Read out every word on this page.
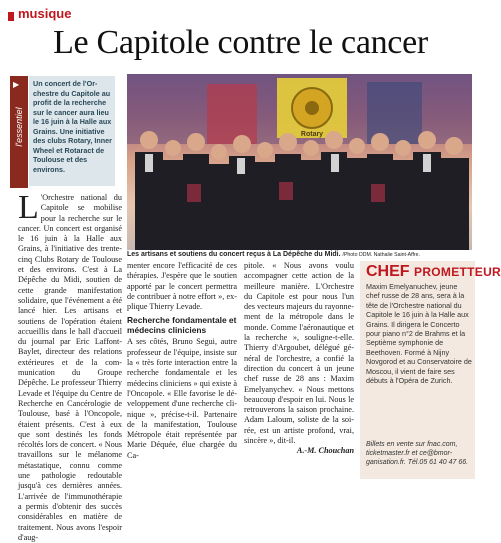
musique
Le Capitole contre le cancer
l'essentiel
▶	Un concert de l'Orchestre du Capitole au profit de la recherche sur le cancer aura lieu le 16 juin à la Halle aux Grains. Une initiative des clubs Rotary, Inner Wheel et Rotaract de Toulouse et des environs.
Rotary
Les artisans et soutiens du concert reçus à La Dépêche du Midi. /Photo DDM. Nathalie Saint-Affre.

L 'Orchestre national du Capitole se mobilise pour la recherche sur le cancer. Un concert est organisé le 16 juin à la Halle aux Grains, à l'initiative des trente-cinq Clubs Rotary de Toulouse et des environs. C'est à La Dépêche du Midi, soutien de cette grande manifestation solidaire, que l'événement a été lancé hier. Les artisans et soutiens de l'opération étaient accueillis dans le hall d'accueil du journal par Eric Laffont-Baylet, directeur des relations extérieures et de la communication du Groupe Dépêche. Le professeur Thierry Levade et l'équipe du Centre de Recherche en Cancérologie de Toulouse, basé à l'Oncopole, étaient présents. C'est à eux que sont destinés les fonds récoltés lors de concert. « Nous travaillons sur le mélanome métastatique, connu comme une pathologie redoutable jusqu'à ces dernières années. L'arrivée de l'immunothérapie a permis d'obtenir des succès considérables en matière de traitement. Nous avons l'espoir d'aug-

menter encore l'efficacité de ces thérapies. J'espère que le soutien apporté par le concert permettra de contribuer à notre effort », explique Thierry Levade.

Recherche fondamentale et médecins cliniciens

A ses côtés, Bruno Segui, autre professeur de l'équipe, insiste sur la « très forte interaction entre la recherche fondamentale et les médecins cliniciens » qui existe à l'Oncopole. « Elle favorise le développement d'une recherche clinique », précise-t-il. Partenaire de la manifestation, Toulouse Métropole était représentée par Marie Déquée, élue chargée du Ca-

pitole. « Nous avons voulu accompagner cette action de la meilleure manière. L'Orchestre du Capitole est pour nous l'un des vecteurs majeurs du rayonnement de la métropole dans le monde. Comme l'aéronautique et la recherche », souligne-t-elle. Thierry d'Argoubet, délégué général de l'orchestre, a confié la direction du concert à un jeune chef russe de 28 ans : Maxim Emelyanychev. « Nous mettons beaucoup d'espoir en lui. Nous le retrouverons la saison prochaine. Adam Laloum, soliste de la soirée, est un artiste profond, vrai, sincère », dit-il.

A.-M. Chouchan

CHEF PROMETTEUR
Maxim Emelyanuchev, jeune chef russe de 28 ans, sera à la tête de l'Orchestre national du Capitole le 16 juin à la Halle aux Grains. Il dirigera le Concerto pour piano n°2 de Brahms et la Septième symphonie de Beethoven. Formé à Nijny Novgorod et au Conservatoire de Moscou, il vient de faire ses débuts à l'Opéra de Zurich.
Billets en vente sur fnac.com, ticketmaster.fr et ce@bmorganisation.fr. Tél.05 61 40 47 66.
